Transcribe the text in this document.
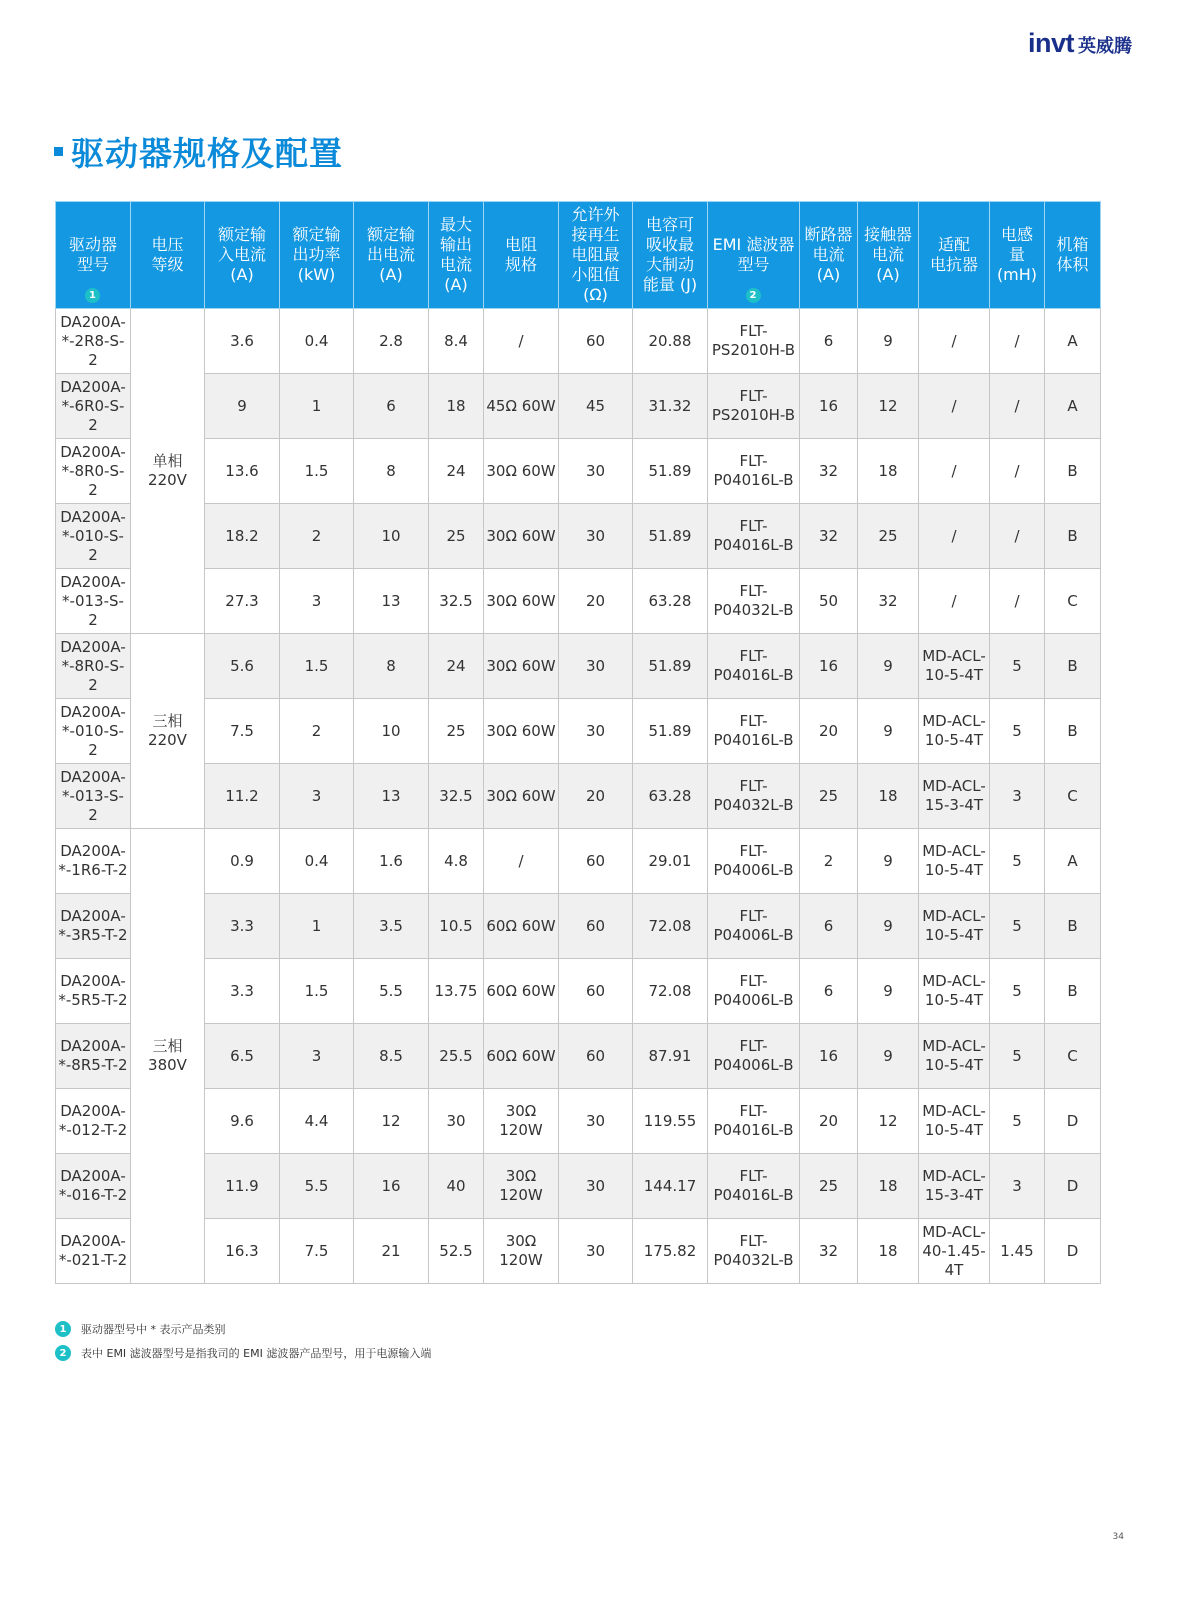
invt 英威腾
驱动器规格及配置
驱动器
型号
1	电压
等级	额定输
入电流
(A)	额定输
出功率
(kW)	额定输
出电流
(A)	最大
输出
电流
(A)	电阻
规格	允许外
接再生
电阻最
小阻值
(Ω)	电容可
吸收最
大制动
能量 (J)	EMI 滤波器
型号
2	断路器
电流
(A)	接触器
电流
(A)	适配
电抗器	电感
量
(mH)	机箱
体积
DA200A-
*-2R8-S-2	单相 220V	3.6	0.4	2.8	8.4	/	60	20.88	FLT-
PS2010H-B	6	9	/	/	A
DA200A-
*-6R0-S-2		9	1	6	18	45Ω 60W	45	31.32	FLT-
PS2010H-B	16	12	/	/	A
DA200A-
*-8R0-S-2		13.6	1.5	8	24	30Ω 60W	30	51.89	FLT-
P04016L-B	32	18	/	/	B
DA200A-
*-010-S-2		18.2	2	10	25	30Ω 60W	30	51.89	FLT-
P04016L-B	32	25	/	/	B
DA200A-
*-013-S-2		27.3	3	13	32.5	30Ω 60W	20	63.28	FLT-
P04032L-B	50	32	/	/	C
DA200A-
*-8R0-S-2	三相 220V	5.6	1.5	8	24	30Ω 60W	30	51.89	FLT-
P04016L-B	16	9	MD-ACL-
10-5-4T	5	B
DA200A-
*-010-S-2		7.5	2	10	25	30Ω 60W	30	51.89	FLT-
P04016L-B	20	9	MD-ACL-
10-5-4T	5	B
DA200A-
*-013-S-2		11.2	3	13	32.5	30Ω 60W	20	63.28	FLT-
P04032L-B	25	18	MD-ACL-
15-3-4T	3	C
DA200A-
*-1R6-T-2	三相 380V	0.9	0.4	1.6	4.8	/	60	29.01	FLT-
P04006L-B	2	9	MD-ACL-
10-5-4T	5	A
DA200A-
*-3R5-T-2		3.3	1	3.5	10.5	60Ω 60W	60	72.08	FLT-
P04006L-B	6	9	MD-ACL-
10-5-4T	5	B
DA200A-
*-5R5-T-2		3.3	1.5	5.5	13.75	60Ω 60W	60	72.08	FLT-
P04006L-B	6	9	MD-ACL-
10-5-4T	5	B
DA200A-
*-8R5-T-2		6.5	3	8.5	25.5	60Ω 60W	60	87.91	FLT-
P04006L-B	16	9	MD-ACL-
10-5-4T	5	C
DA200A-
*-012-T-2		9.6	4.4	12	30	30Ω
120W	30	119.55	FLT-
P04016L-B	20	12	MD-ACL-
10-5-4T	5	D
DA200A-
*-016-T-2		11.9	5.5	16	40	30Ω
120W	30	144.17	FLT-
P04016L-B	25	18	MD-ACL-
15-3-4T	3	D
DA200A-
*-021-T-2		16.3	7.5	21	52.5	30Ω
120W	30	175.82	FLT-
P04032L-B	32	18	MD-ACL-
40-1.45-
4T	1.45	D
1	驱动器型号中 * 表示产品类别
2	表中 EMI 滤波器型号是指我司的 EMI 滤波器产品型号，用于电源输入端
34
